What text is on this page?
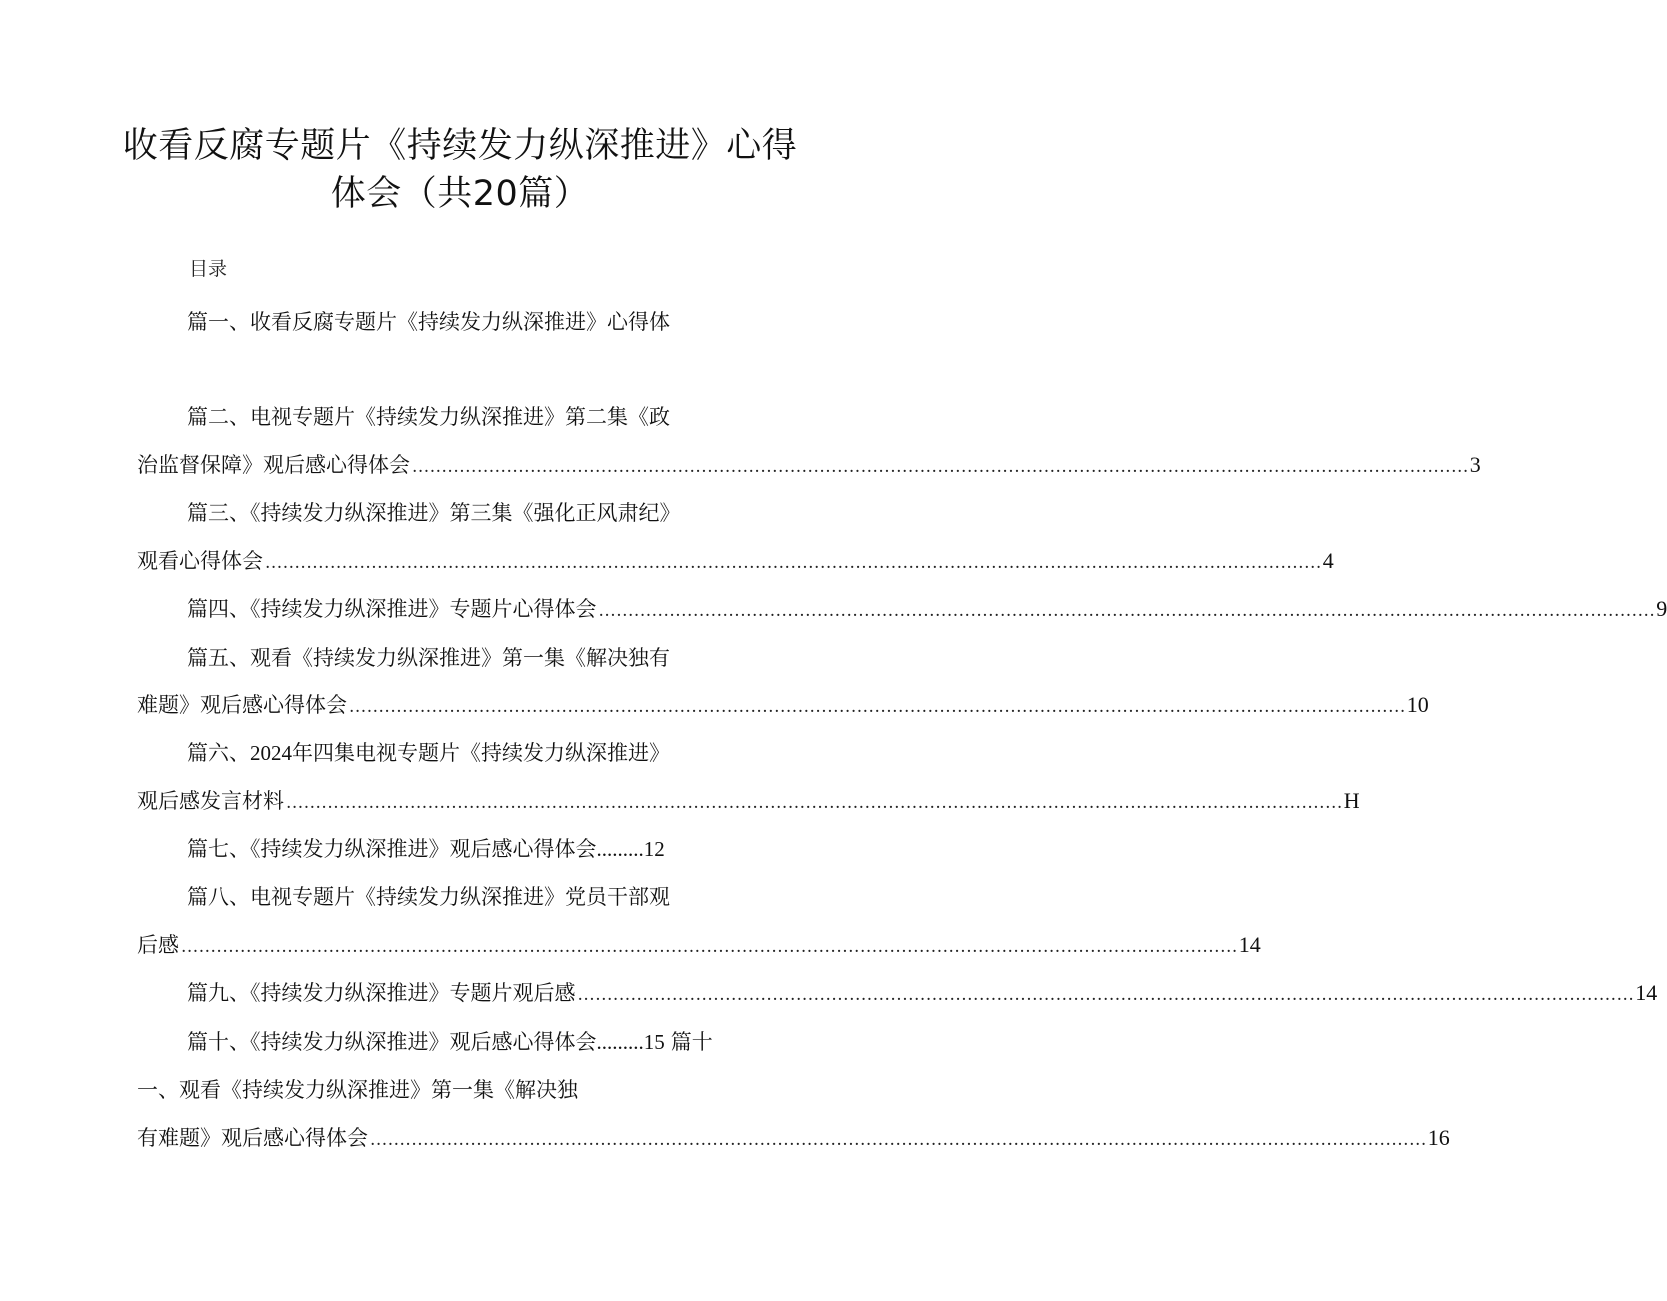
收看反腐专题片《持续发力纵深推进》心得
体会（共20篇）
目录
篇一、收看反腐专题片《持续发力纵深推进》心得体
篇二、电视专题片《持续发力纵深推进》第二集《政
治监督保障》观后感心得体会 ................................................................................................................................................................................... 3
篇三、《持续发力纵深推进》第三集《强化正风肃纪》
观看心得体会 ................................................................................................................................................................................... 4
篇四、《持续发力纵深推进》专题片心得体会 ................................................................................................................................................................................... 9
篇五、观看《持续发力纵深推进》第一集《解决独有
难题》观后感心得体会 ................................................................................................................................................................................... 10
篇六、2024年四集电视专题片《持续发力纵深推进》
观后感发言材料 ................................................................................................................................................................................... H
篇七、《持续发力纵深推进》观后感心得体会.........12
篇八、电视专题片《持续发力纵深推进》党员干部观
后感 ................................................................................................................................................................................... 14
篇九、《持续发力纵深推进》专题片观后感 ................................................................................................................................................................................... 14
篇十、《持续发力纵深推进》观后感心得体会.........15 篇十
一、观看《持续发力纵深推进》第一集《解决独
有难题》观后感心得体会 ................................................................................................................................................................................... 16
